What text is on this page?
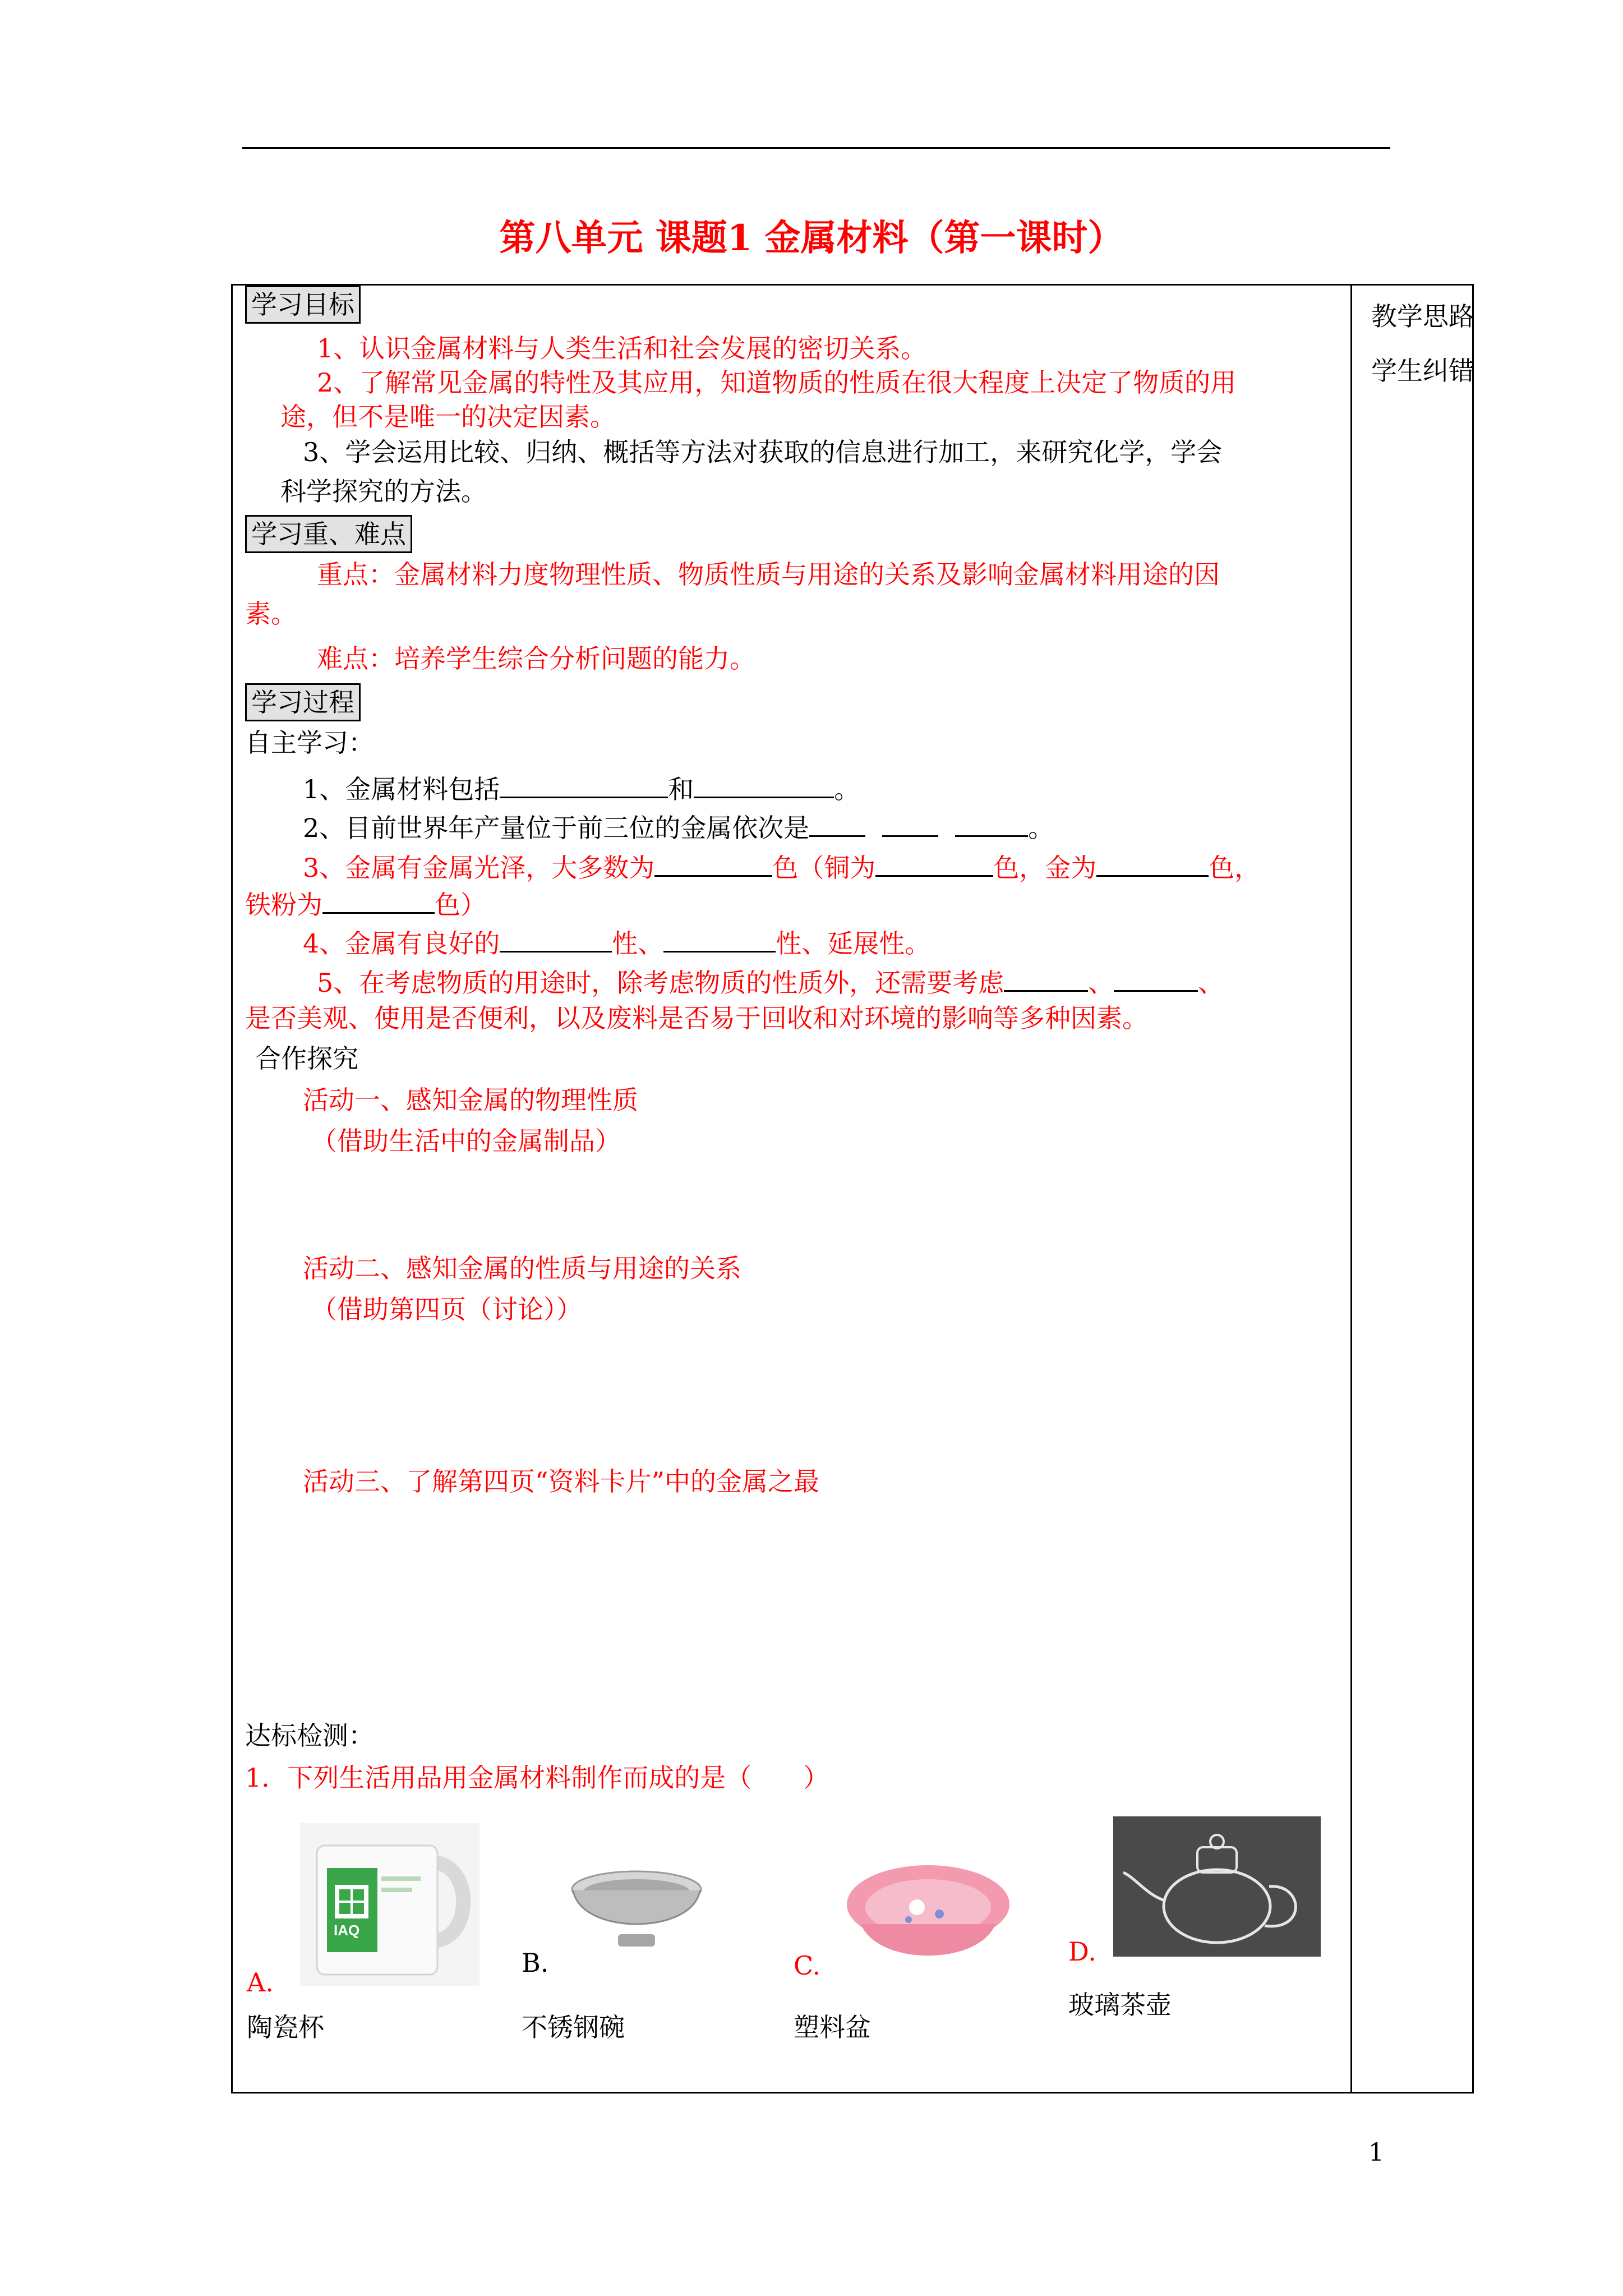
第八单元 课题1 金属材料（第一课时）
教学思路
学生纠错
学习目标
1、认识金属材料与人类生活和社会发展的密切关系。
2、了解常见金属的特性及其应用，知道物质的性质在很大程度上决定了物质的用
途，但不是唯一的决定因素。
3、学会运用比较、归纳、概括等方法对获取的信息进行加工，来研究化学，学会
科学探究的方法。
学习重、难点
重点：金属材料力度物理性质、物质性质与用途的关系及影响金属材料用途的因
素。
难点：培养学生综合分析问题的能力。
学习过程
自主学习：
1、金属材料包括	和	。
2、目前世界年产量位于前三位的金属依次是	。
3、金属有金属光泽，大多数为	色（铜为	色，金为	色，
铁粉为	色）
4、金属有良好的	性、	性、延展性。
5、在考虑物质的用途时，除考虑物质的性质外，还需要考虑	、	、
是否美观、使用是否便利，以及废料是否易于回收和对环境的影响等多种因素。
合作探究
活动一、感知金属的物理性质
（借助生活中的金属制品）
活动二、感知金属的性质与用途的关系
（借助第四页（讨论））
活动三、了解第四页“资料卡片”中的金属之最
达标检测：
1．下列生活用品用金属材料制作而成的是（　　）
IAQ
A.
陶瓷杯
B.
不锈钢碗
C.
塑料盆
D.
玻璃茶壶
1
